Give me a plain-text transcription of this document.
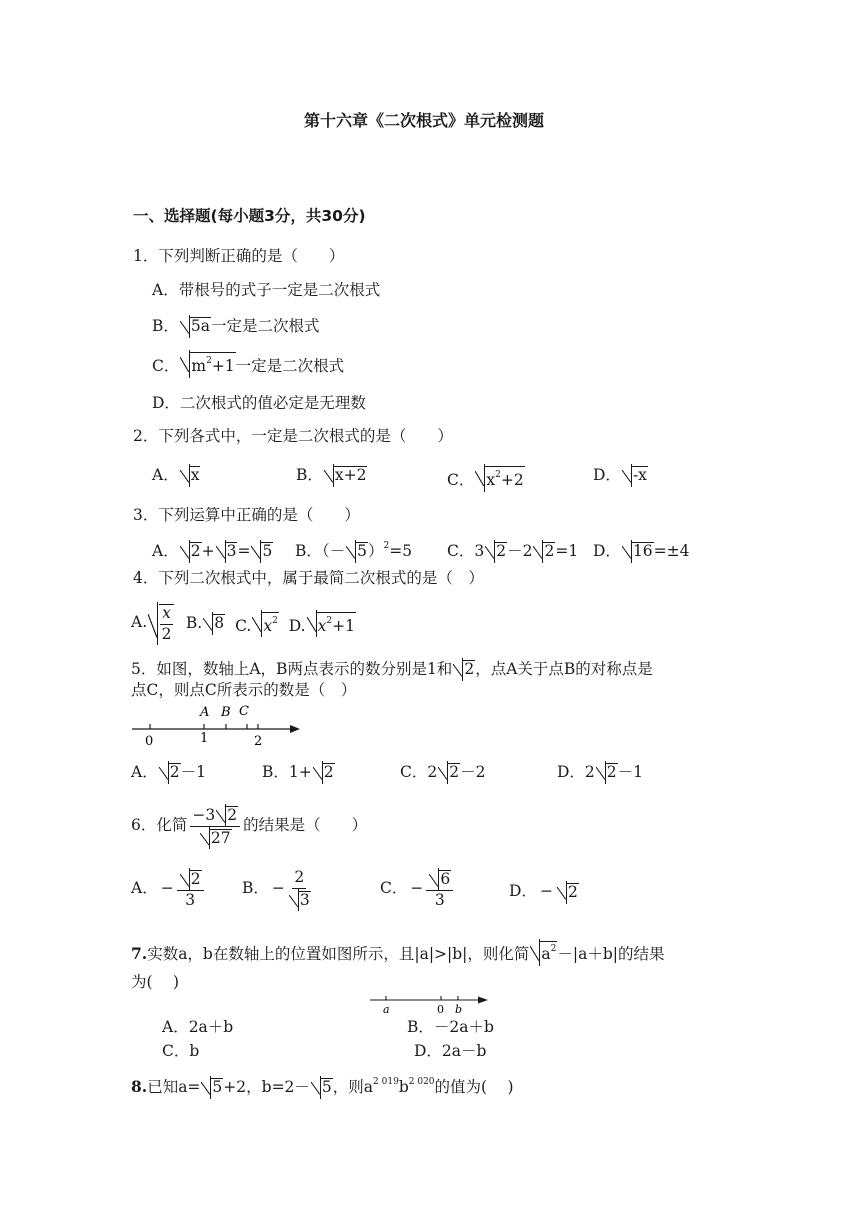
第十六章《二次根式》单元检测题
一、选择题(每小题3分，共30分)
1．下列判断正确的是（　　）
A．带根号的式子一定是二次根式
B． 5a一定是二次根式
C． $m^2+1$一定是二次根式
D．二次根式的值必定是无理数
2．下列各式中，一定是二次根式的是（　　）
A． x	B． x+2	C． $x^2+2$	D． -x
3．下列运算中正确的是（　　）
A． 2+ 3= 5 B．（－ 5）$^2$=5 C．3 2－2 2=1 D． 16=±4
4．下列二次根式中，属于最简二次根式的是（　）
A. $\frac{x}{2} B$. 8 C. $x^2$ D. $x^2+1$
5．如图，数轴上A，B两点表示的数分别是1和 2，点A关于点B的对称点是
点C，则点C所表示的数是（　）
A B C
0	1	2
A． 2－1	B．1+ 2	C．2 2－2	D．2 2－1
6．化简 $\frac{-3 2}{27}$ 的结果是（　　）
A． − $\frac{2}{3}$ B． − $\frac{2}{3}$	C． − $\frac{6}{3}$	D． − 2
7.实数a，b在数轴上的位置如图所示，且|a|>|b|，则化简 $a^2-|a+b|$的结果
为(　 )
a	0 b
A．2a＋b	B．－2a＋b
C．b	D．2a－b
8.已知a= 5+2，b=2－ 5，则$a^{2 019}b^{2 020}$的值为(　 )
